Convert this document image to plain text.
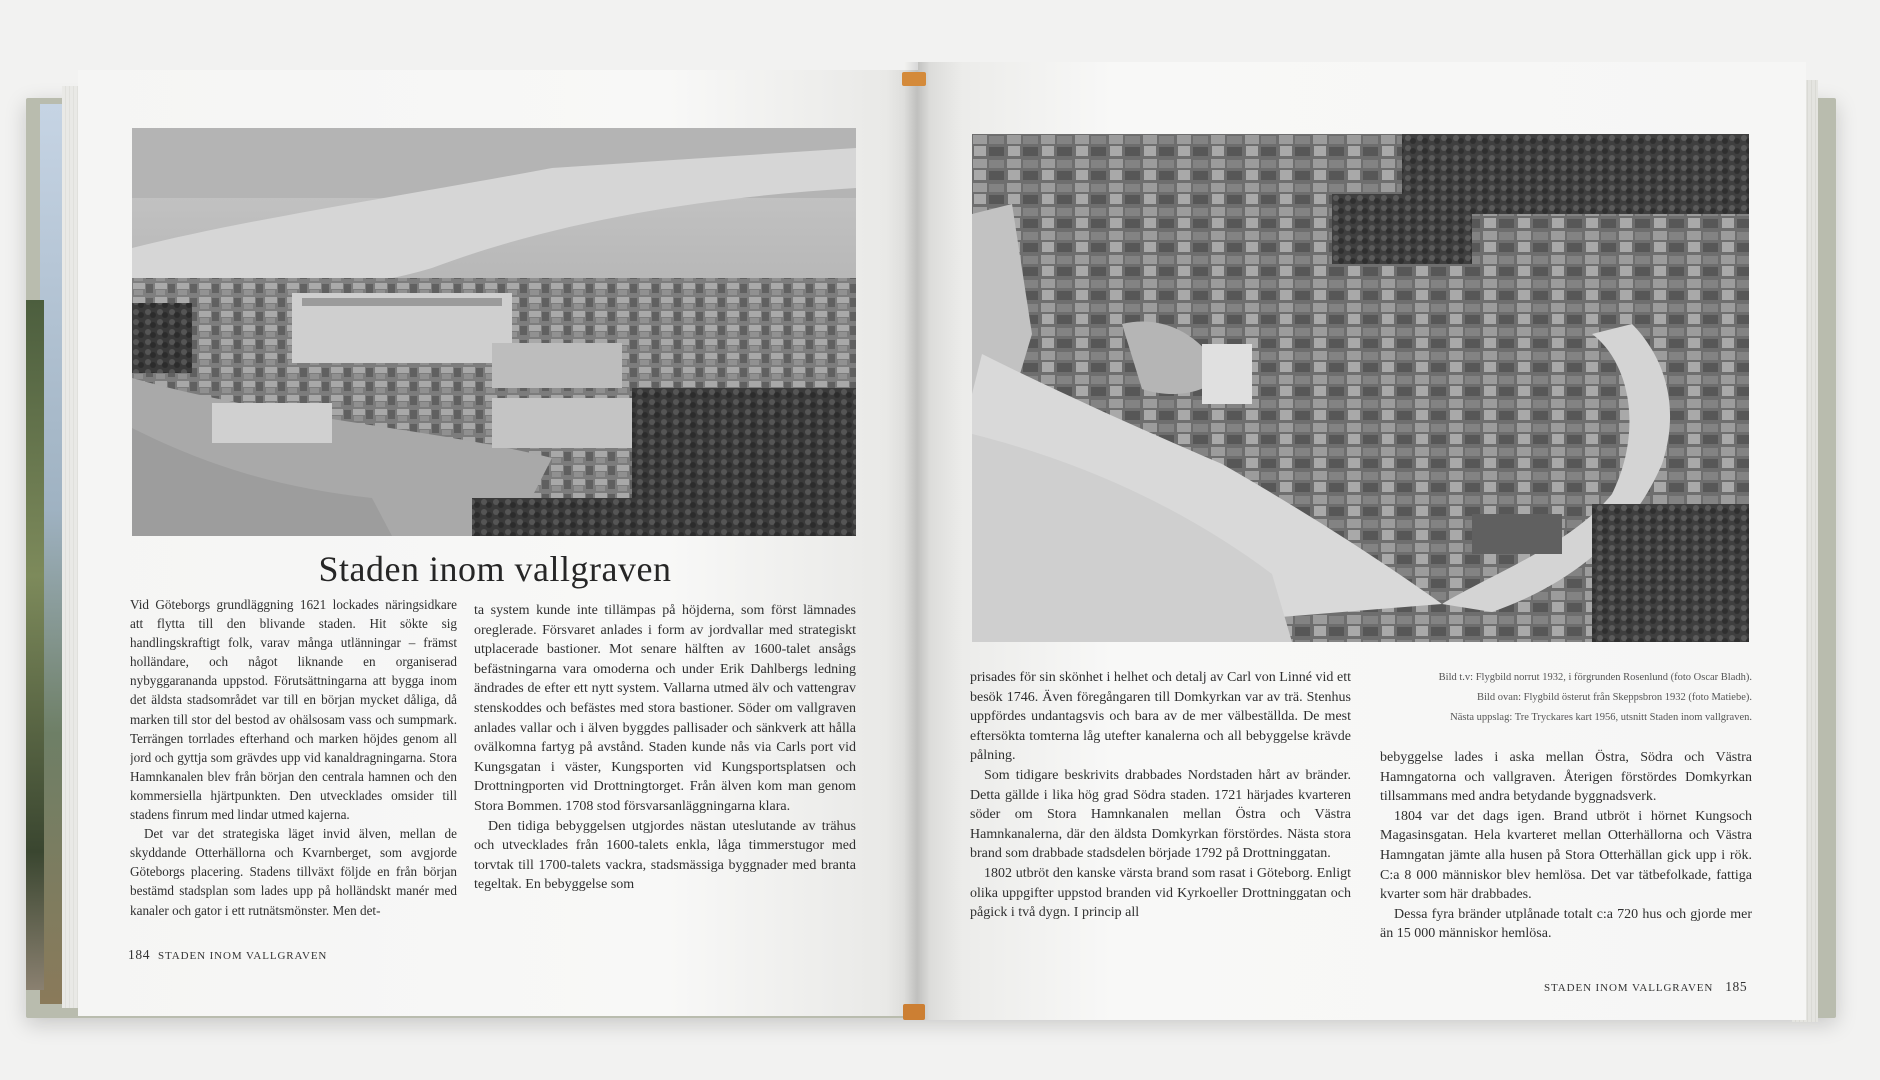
Staden inom vallgraven

Vid Göteborgs grundläggning 1621 lockades näringsidkare att flytta till den blivande staden. Hit sökte sig handlingskraftigt folk, varav många utlänningar – främst holländare, och något liknande en organiserad nybyggarananda uppstod. Förutsättningarna att bygga inom det äldsta stadsområdet var till en början mycket dåliga, då marken till stor del bestod av ohälsosam vass och sumpmark. Terrängen torrlades efterhand och marken höjdes genom all jord och gyttja som grävdes upp vid kanaldragningarna. Stora Hamnkanalen blev från början den centrala hamnen och den kommersiella hjärtpunkten. Den utvecklades omsider till stadens finrum med lindar utmed kajerna.

Det var det strategiska läget invid älven, mellan de skyddande Otterhällorna och Kvarnberget, som avgjorde Göteborgs placering. Stadens tillväxt följde en från början bestämd stadsplan som lades upp på holländskt manér med kanaler och gator i ett rutnätsmönster. Men det-

ta system kunde inte tillämpas på höjderna, som först lämnades oreglerade. Försvaret anlades i form av jordvallar med strategiskt utplacerade bastioner. Mot senare hälften av 1600-talet ansågs befästningarna vara omoderna och under Erik Dahlbergs ledning ändrades de efter ett nytt system. Vallarna utmed älv och vattengrav stenskoddes och befästes med stora bastioner. Söder om vallgraven anlades vallar och i älven byggdes pallisader och sänkverk att hålla ovälkomna fartyg på avstånd. Staden kunde nås via Carls port vid Kungsgatan i väster, Kungsporten vid Kungsportsplatsen och Drottningporten vid Drottningtorget. Från älven kom man genom Stora Bommen. 1708 stod försvarsanläggningarna klara.

Den tidiga bebyggelsen utgjordes nästan uteslutande av trähus och utvecklades från 1600-talets enkla, låga timmerstugor med torvtak till 1700-talets vackra, stadsmässiga byggnader med branta tegeltak. En bebyggelse som

184 STADEN INOM VALLGRAVEN

prisades för sin skönhet i helhet och detalj av Carl von Linné vid ett besök 1746. Även föregångaren till Domkyrkan var av trä. Stenhus uppfördes undantagsvis och bara av de mer välbeställda. De mest eftersökta tomterna låg utefter kanalerna och all bebyggelse krävde pålning.

Som tidigare beskrivits drabbades Nordstaden hårt av bränder. Detta gällde i lika hög grad Södra staden. 1721 härjades kvarteren söder om Stora Hamnkanalen mellan Östra och Västra Hamnkanalerna, där den äldsta Domkyrkan förstördes. Nästa stora brand som drabbade stadsdelen började 1792 på Drottninggatan.

1802 utbröt den kanske värsta brand som rasat i Göteborg. Enligt olika uppgifter uppstod branden vid Kyrkoeller Drottninggatan och pågick i två dygn. I princip all

Bild t.v: Flygbild norrut 1932, i förgrunden Rosenlund (foto Oscar Bladh).
Bild ovan: Flygbild österut från Skeppsbron 1932 (foto Matiebe).
Nästa uppslag: Tre Tryckares kart 1956, utsnitt Staden inom vallgraven.

bebyggelse lades i aska mellan Östra, Södra och Västra Hamngatorna och vallgraven. Återigen förstördes Domkyrkan tillsammans med andra betydande byggnadsverk.

1804 var det dags igen. Brand utbröt i hörnet Kungsoch Magasinsgatan. Hela kvarteret mellan Otterhällorna och Västra Hamngatan jämte alla husen på Stora Otterhällan gick upp i rök. C:a 8 000 människor blev hemlösa. Det var tätbefolkade, fattiga kvarter som här drabbades.

Dessa fyra bränder utplånade totalt c:a 720 hus och gjorde mer än 15 000 människor hemlösa.

STADEN INOM VALLGRAVEN 185
